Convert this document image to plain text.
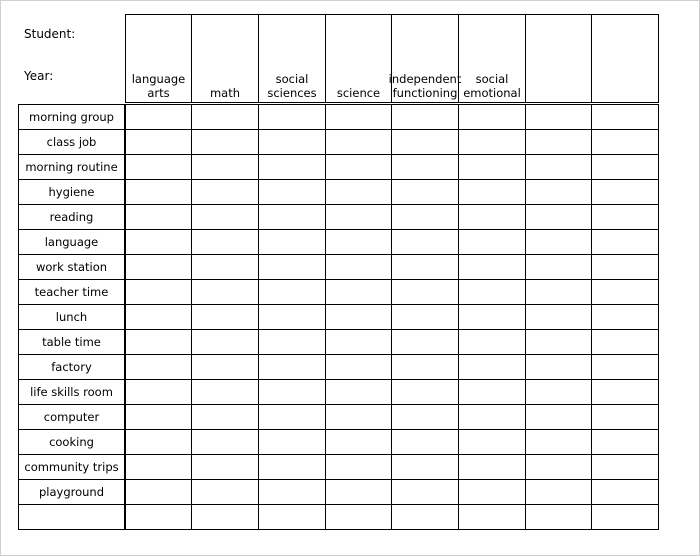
Student:
Year:	language
arts	math
social
sciences science
independent
functioning
social
emotional
morning group
class job
morning routine
hygiene
reading
language
work station
teacher time
lunch
table time
factory
life skills room
computer
cooking
community trips
playground
